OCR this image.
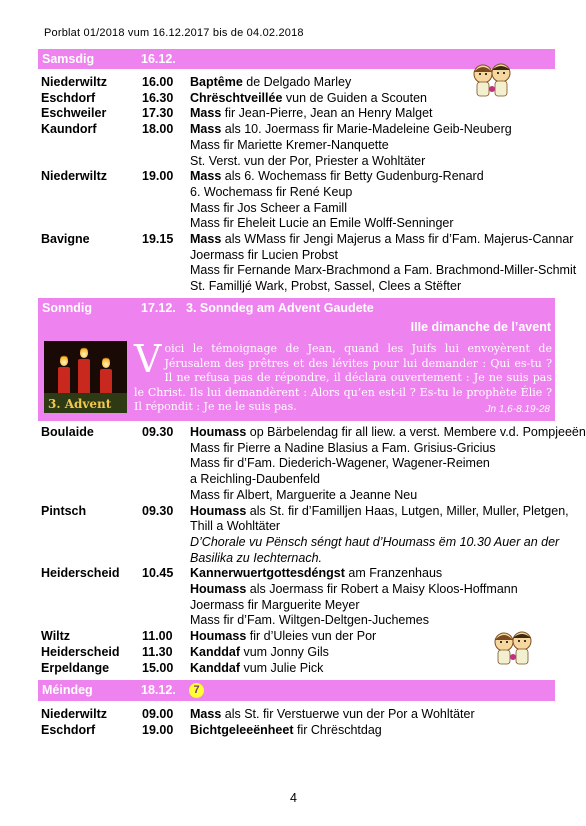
Porblat 01/2018 vum 16.12.2017 bis de 04.02.2018
Samsdig	16.12.
Niederwiltz	16.00 Baptême de Delgado Marley
Eschdorf	16.30 Chrëschtveillée vun de Guiden a Scouten
Eschweiler	17.30 Mass fir Jean-Pierre, Jean an Henry Malget
Kaundorf	18.00 Mass als 10. Joermass fir Marie-Madeleine Geib-Neuberg
Mass fir Mariette Kremer-Nanquette
St. Verst. vun der Por, Priester a Wohltäter
Niederwiltz	19.00 Mass als 6. Wochemass fir Betty Gudenburg-Renard
6. Wochemass fir René Keup
Mass fir Jos Scheer a Famill
Mass fir Eheleit Lucie an Emile Wolff-Senninger
Bavigne	19.15 Mass als WMass fir Jengi Majerus a Mass fir d’Fam. Majerus-Cannar
Joermass fir Lucien Probst
Mass fir Fernande Marx-Brachmond a Fam. Brachmond-Miller-Schmit
St. Familljé Wark, Probst, Sassel, Clees a Stëfter
Sonndig	17.12. 3. Sonndeg am Advent Gaudete
IIIe dimanche de l’avent
3. Advent
Voici le témoignage de Jean, quand les Juifs lui envoyèrent de Jérusalem des prêtres et des lévites pour lui demander : Qui es-tu ? Il ne refusa pas de répondre, il déclara ouvertement : Je ne suis pas le Christ. Ils lui demandèrent : Alors qu’en est-il ? Es-tu le prophète Élie ? Il répondit : Je ne le suis pas.	Jn 1,6-8.19-28
Boulaide	09.30 Houmass op Bärbelendag fir all liew. a verst. Membere v.d. Pompjeeën
Mass fir Pierre a Nadine Blasius a Fam. Grisius-Gricius
Mass fir d’Fam. Diederich-Wagener, Wagener-Reimen
a Reichling-Daubenfeld
Mass fir Albert, Marguerite a Jeanne Neu
Pintsch	09.30 Houmass als St. fir d’Familljen Haas, Lutgen, Miller, Muller, Pletgen,
Thill a Wohltäter
D’Chorale vu Pënsch séngt haut d’Houmass ëm 10.30 Auer an der
Basilika zu Iechternach.
Heiderscheid 10.45 Kannerwuertgottesdéngst am Franzenhaus
Houmass als Joermass fir Robert a Maisy Kloos-Hoffmann
Joermass fir Marguerite Meyer
Mass fir d’Fam. Wiltgen-Deltgen-Juchemes
Wiltz	11.00 Houmass fir d’Uleies vun der Por
Heiderscheid 11.30 Kanddaf vum Jonny Gils
Erpeldange	15.00 Kanddaf vum Julie Pick
Méindeg	18.12.	7
Niederwiltz	09.00 Mass als St. fir Verstuerwe vun der Por a Wohltäter
Eschdorf	19.00 Bichtgeleeënheet fir Chrëschtdag
4
